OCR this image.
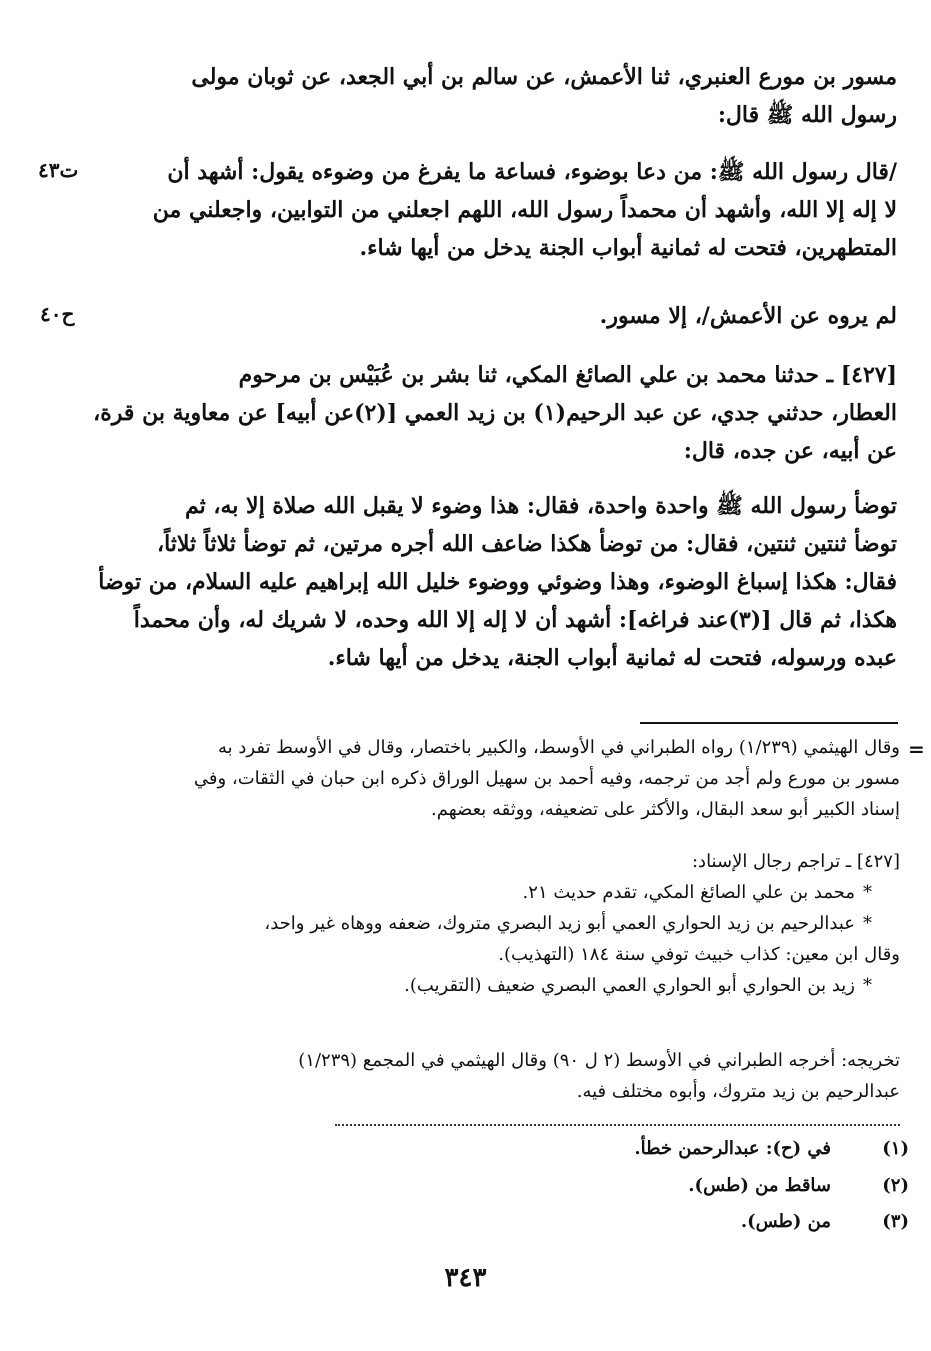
مسور بن مورع العنبري، ثنا الأعمش، عن سالم بن أبي الجعد، عن ثوبان مولى
رسول الله ﷺ قال:
/قال رسول الله ﷺ: من دعا بوضوء، فساعة ما يفرغ من وضوءه يقول: أشهد أن
لا إله إلا الله، وأشهد أن محمداً رسول الله، اللهم اجعلني من التوابين، واجعلني من
المتطهرين، فتحت له ثمانية أبواب الجنة يدخل من أيها شاء.
ت٤٣
لم يروه عن الأعمش/، إلا مسور.
ح٤٠
[٤٢٧] ـ حدثنا محمد بن علي الصائغ المكي، ثنا بشر بن عُبَيْس بن مرحوم
العطار، حدثني جدي، عن عبد الرحيم(١) بن زيد العمي [(٢)عن أبيه] عن معاوية بن قرة،
عن أبيه، عن جده، قال:
توضأ رسول الله ﷺ واحدة واحدة، فقال: هذا وضوء لا يقبل الله صلاة إلا به، ثم
توضأ ثنتين ثنتين، فقال: من توضأ هكذا ضاعف الله أجره مرتين، ثم توضأ ثلاثاً ثلاثاً،
فقال: هكذا إسباغ الوضوء، وهذا وضوئي ووضوء خليل الله إبراهيم عليه السلام، من توضأ
هكذا، ثم قال [(٣)عند فراغه]: أشهد أن لا إله إلا الله وحده، لا شريك له، وأن محمداً
عبده ورسوله، فتحت له ثمانية أبواب الجنة، يدخل من أيها شاء.
=
وقال الهيثمي (١/٢٣٩) رواه الطبراني في الأوسط، والكبير باختصار، وقال في الأوسط تفرد به
مسور بن مورع ولم أجد من ترجمه، وفيه أحمد بن سهيل الوراق ذكره ابن حبان في الثقات، وفي
إسناد الكبير أبو سعد البقال، والأكثر على تضعيفه، ووثقه بعضهم.
[٤٢٧] ـ تراجم رجال الإسناد:
*محمد بن علي الصائغ المكي، تقدم حديث ٢١.
*عبدالرحيم بن زيد الحواري العمي أبو زيد البصري متروك، ضعفه ووهاه غير واحد،
وقال ابن معين: كذاب خبيث توفي سنة ١٨٤ (التهذيب).
*زيد بن الحواري أبو الحواري العمي البصري ضعيف (التقريب).
تخريجه: أخرجه الطبراني في الأوسط (٢ ل ٩٠) وقال الهيثمي في المجمع (١/٢٣٩)
عبدالرحيم بن زيد متروك، وأبوه مختلف فيه.
(١)
في (ح): عبدالرحمن خطأ.
(٢)
ساقط من (طس).
(٣)
من (طس).
٣٤٣
